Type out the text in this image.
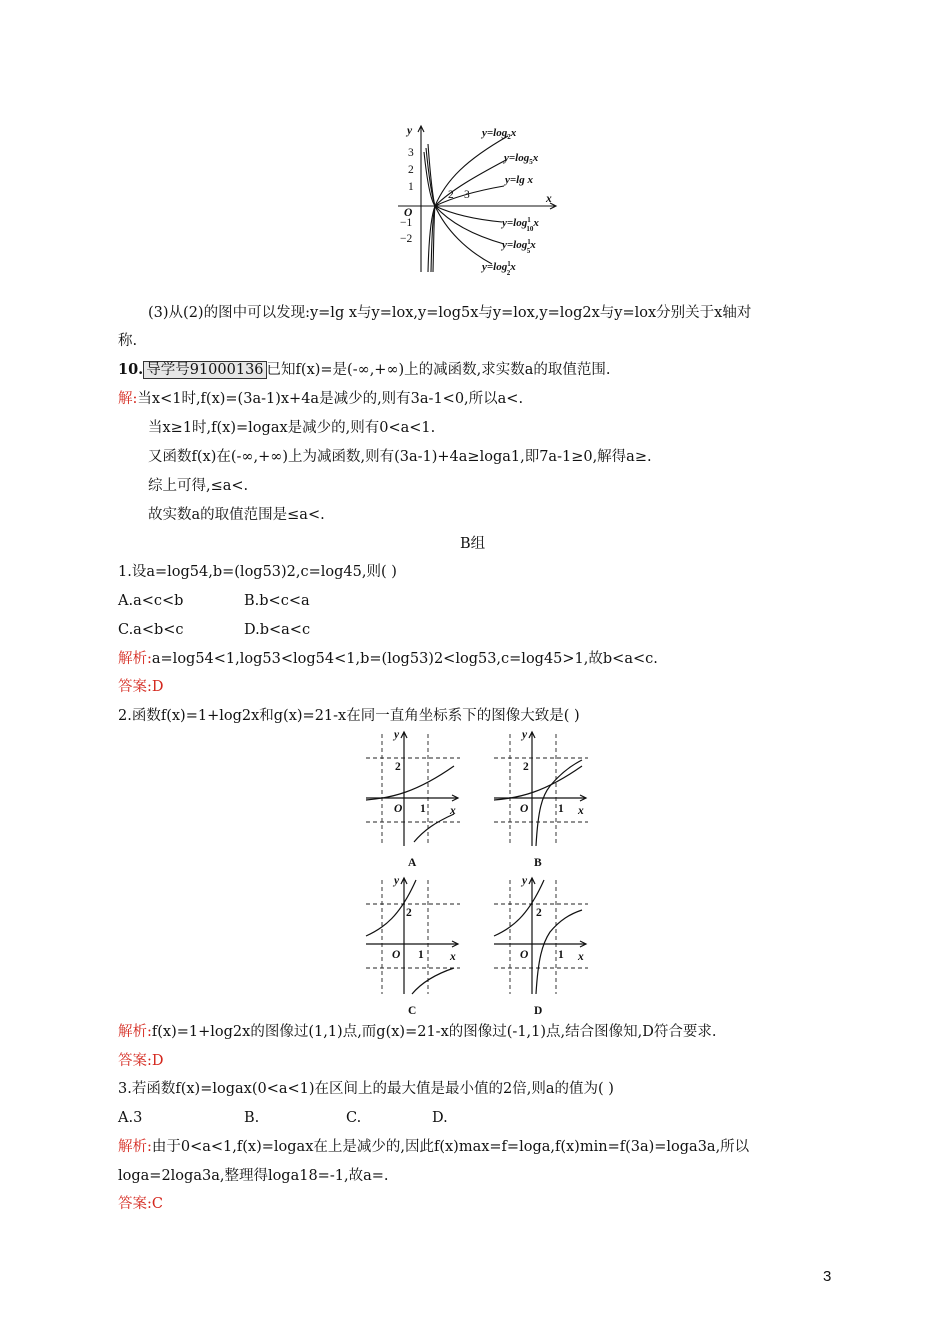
y
x
O
3
2
1
−1
−2
2 3
$y=\log_2x$
$y=\log_5x$
y=lg x
$y=\log^1$ 10x
$y=\log^1$ 5x
$y=\log^1$ 2x
(3)从(2)的图中可以发现:y=lg x与y=lox,y=log5x与y=lox,y=log2x与y=lox分别关于x轴对
称.
10. 导学号91000136 已知f(x)=是(-∞,+∞)上的减函数,求实数a的取值范围.
解:当x<1时,f(x)=(3a-1)x+4a是减少的,则有3a-1<0,所以a<.
当x≥1时,f(x)=logax是减少的,则有0<a<1.
又函数f(x)在(-∞,+∞)上为减函数,则有(3a-1)+4a≥loga1,即7a-1≥0,解得a≥.
综上可得,≤a<.
故实数a的取值范围是≤a<.
B组
1.设a=log54,b=(log53)2,c=log45,则( )
A.a<c<b	B.b<c<a
C.a<b<c	D.b<a<c
解析:a=log54<1,log53<log54<1,b=(log53)2<log53,c=log45>1,故b<a<c.
答案:D
2.函数f(x)=1+log2x和g(x)=21-x在同一直角坐标系下的图像大致是( )
y
2
O 1 x
A
y
2
O	1 x
B
y
2
O 1 x
C
y
2
O	1 x
D
解析:f(x)=1+log2x的图像过(1,1)点,而g(x)=21-x的图像过(-1,1)点,结合图像知,D符合要求.
答案:D
3.若函数f(x)=logax(0<a<1)在区间上的最大值是最小值的2倍,则a的值为( )
A.3	B.	C.	D.
解析:由于0<a<1,f(x)=logax在上是减少的,因此f(x)max=f=loga,f(x)min=f(3a)=loga3a,所以
loga=2loga3a,整理得loga18=-1,故a=.
答案:C
3
